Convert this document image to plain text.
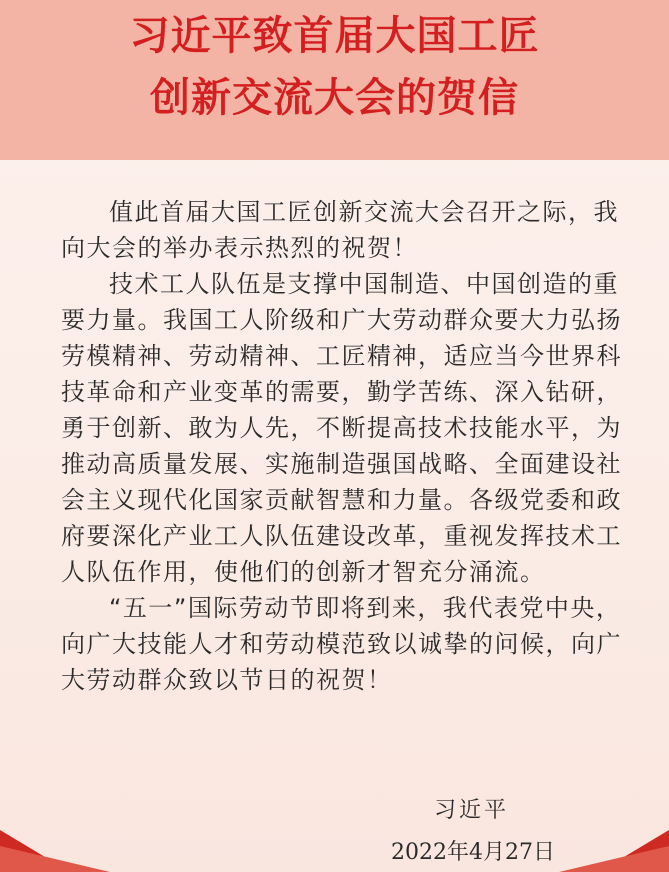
习近平致首届大国工匠
创新交流大会的贺信

值此首届大国工匠创新交流大会召开之际，我向大会的举办表示热烈的祝贺！

技术工人队伍是支撑中国制造、中国创造的重要力量。我国工人阶级和广大劳动群众要大力弘扬劳模精神、劳动精神、工匠精神，适应当今世界科技革命和产业变革的需要，勤学苦练、深入钻研，勇于创新、敢为人先，不断提高技术技能水平，为推动高质量发展、实施制造强国战略、全面建设社会主义现代化国家贡献智慧和力量。各级党委和政府要深化产业工人队伍建设改革，重视发挥技术工人队伍作用，使他们的创新才智充分涌流。

“五一”国际劳动节即将到来，我代表党中央，向广大技能人才和劳动模范致以诚挚的问候，向广大劳动群众致以节日的祝贺！

习近平
2022年4月27日
